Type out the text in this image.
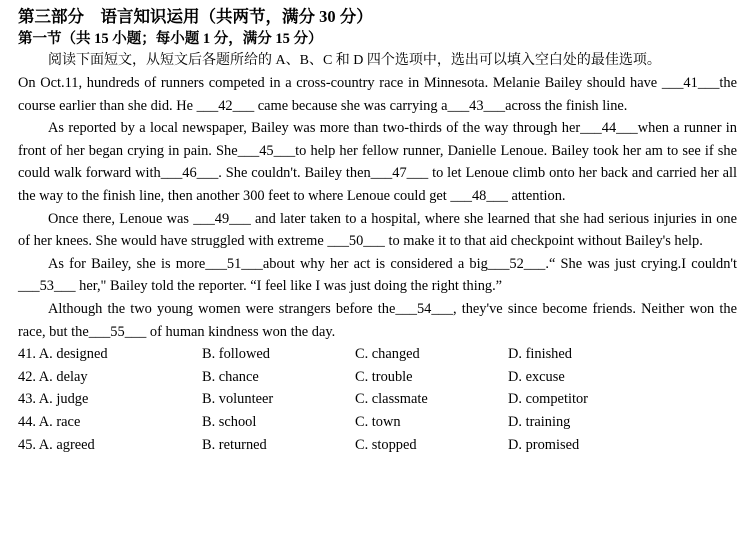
第三部分　语言知识运用（共两节，满分 30 分）
第一节（共 15 小题；每小题 1 分，满分 15 分）

阅读下面短文，从短文后各题所给的 A、B、C 和 D 四个选项中，选出可以填入空白处的最佳选项。

On Oct.11, hundreds of runners competed in a cross-country race in Minnesota. Melanie Bailey should have ___41___the course earlier than she did. He ___42___ came because she was carrying a___43___across the finish line.

As reported by a local newspaper, Bailey was more than two-thirds of the way through her___44___when a runner in front of her began crying in pain. She___45___to help her fellow runner, Danielle Lenoue. Bailey took her am to see if she could walk forward with___46___. She couldn't. Bailey then___47___ to let Lenoue climb onto her back and carried her all the way to the finish line, then another 300 feet to where Lenoue could get ___48___ attention.

Once there, Lenoue was ___49___ and later taken to a hospital, where she learned that she had serious injuries in one of her knees. She would have struggled with extreme ___50___ to make it to that aid checkpoint without Bailey's help.

As for Bailey, she is more___51___about why her act is considered a big___52___.“ She was just crying.I couldn't ___53___ her," Bailey told the reporter. “I feel like I was just doing the right thing.”

Although the two young women were strangers before the___54___, they've since become friends. Neither won the race, but the___55___ of human kindness won the day.

41. A. designed	B. followed	C. changed	D. finished
42. A. delay	B. chance	C. trouble	D. excuse
43. A. judge	B. volunteer	C. classmate	D. competitor
44. A. race	B. school	C. town	D. training
45. A. agreed	B. returned	C. stopped	D. promised
